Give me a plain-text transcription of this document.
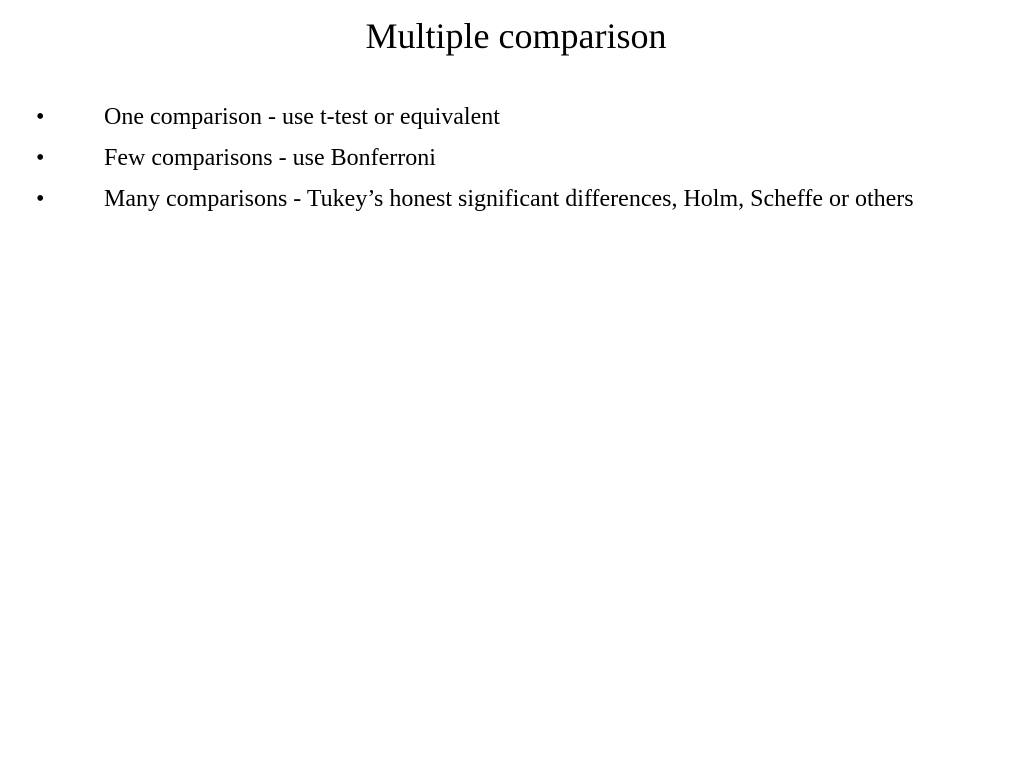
Multiple comparison
• One comparison - use t-test or equivalent
• Few comparisons - use Bonferroni
• Many comparisons - Tukey’s honest significant differences, Holm, Scheffe or others
